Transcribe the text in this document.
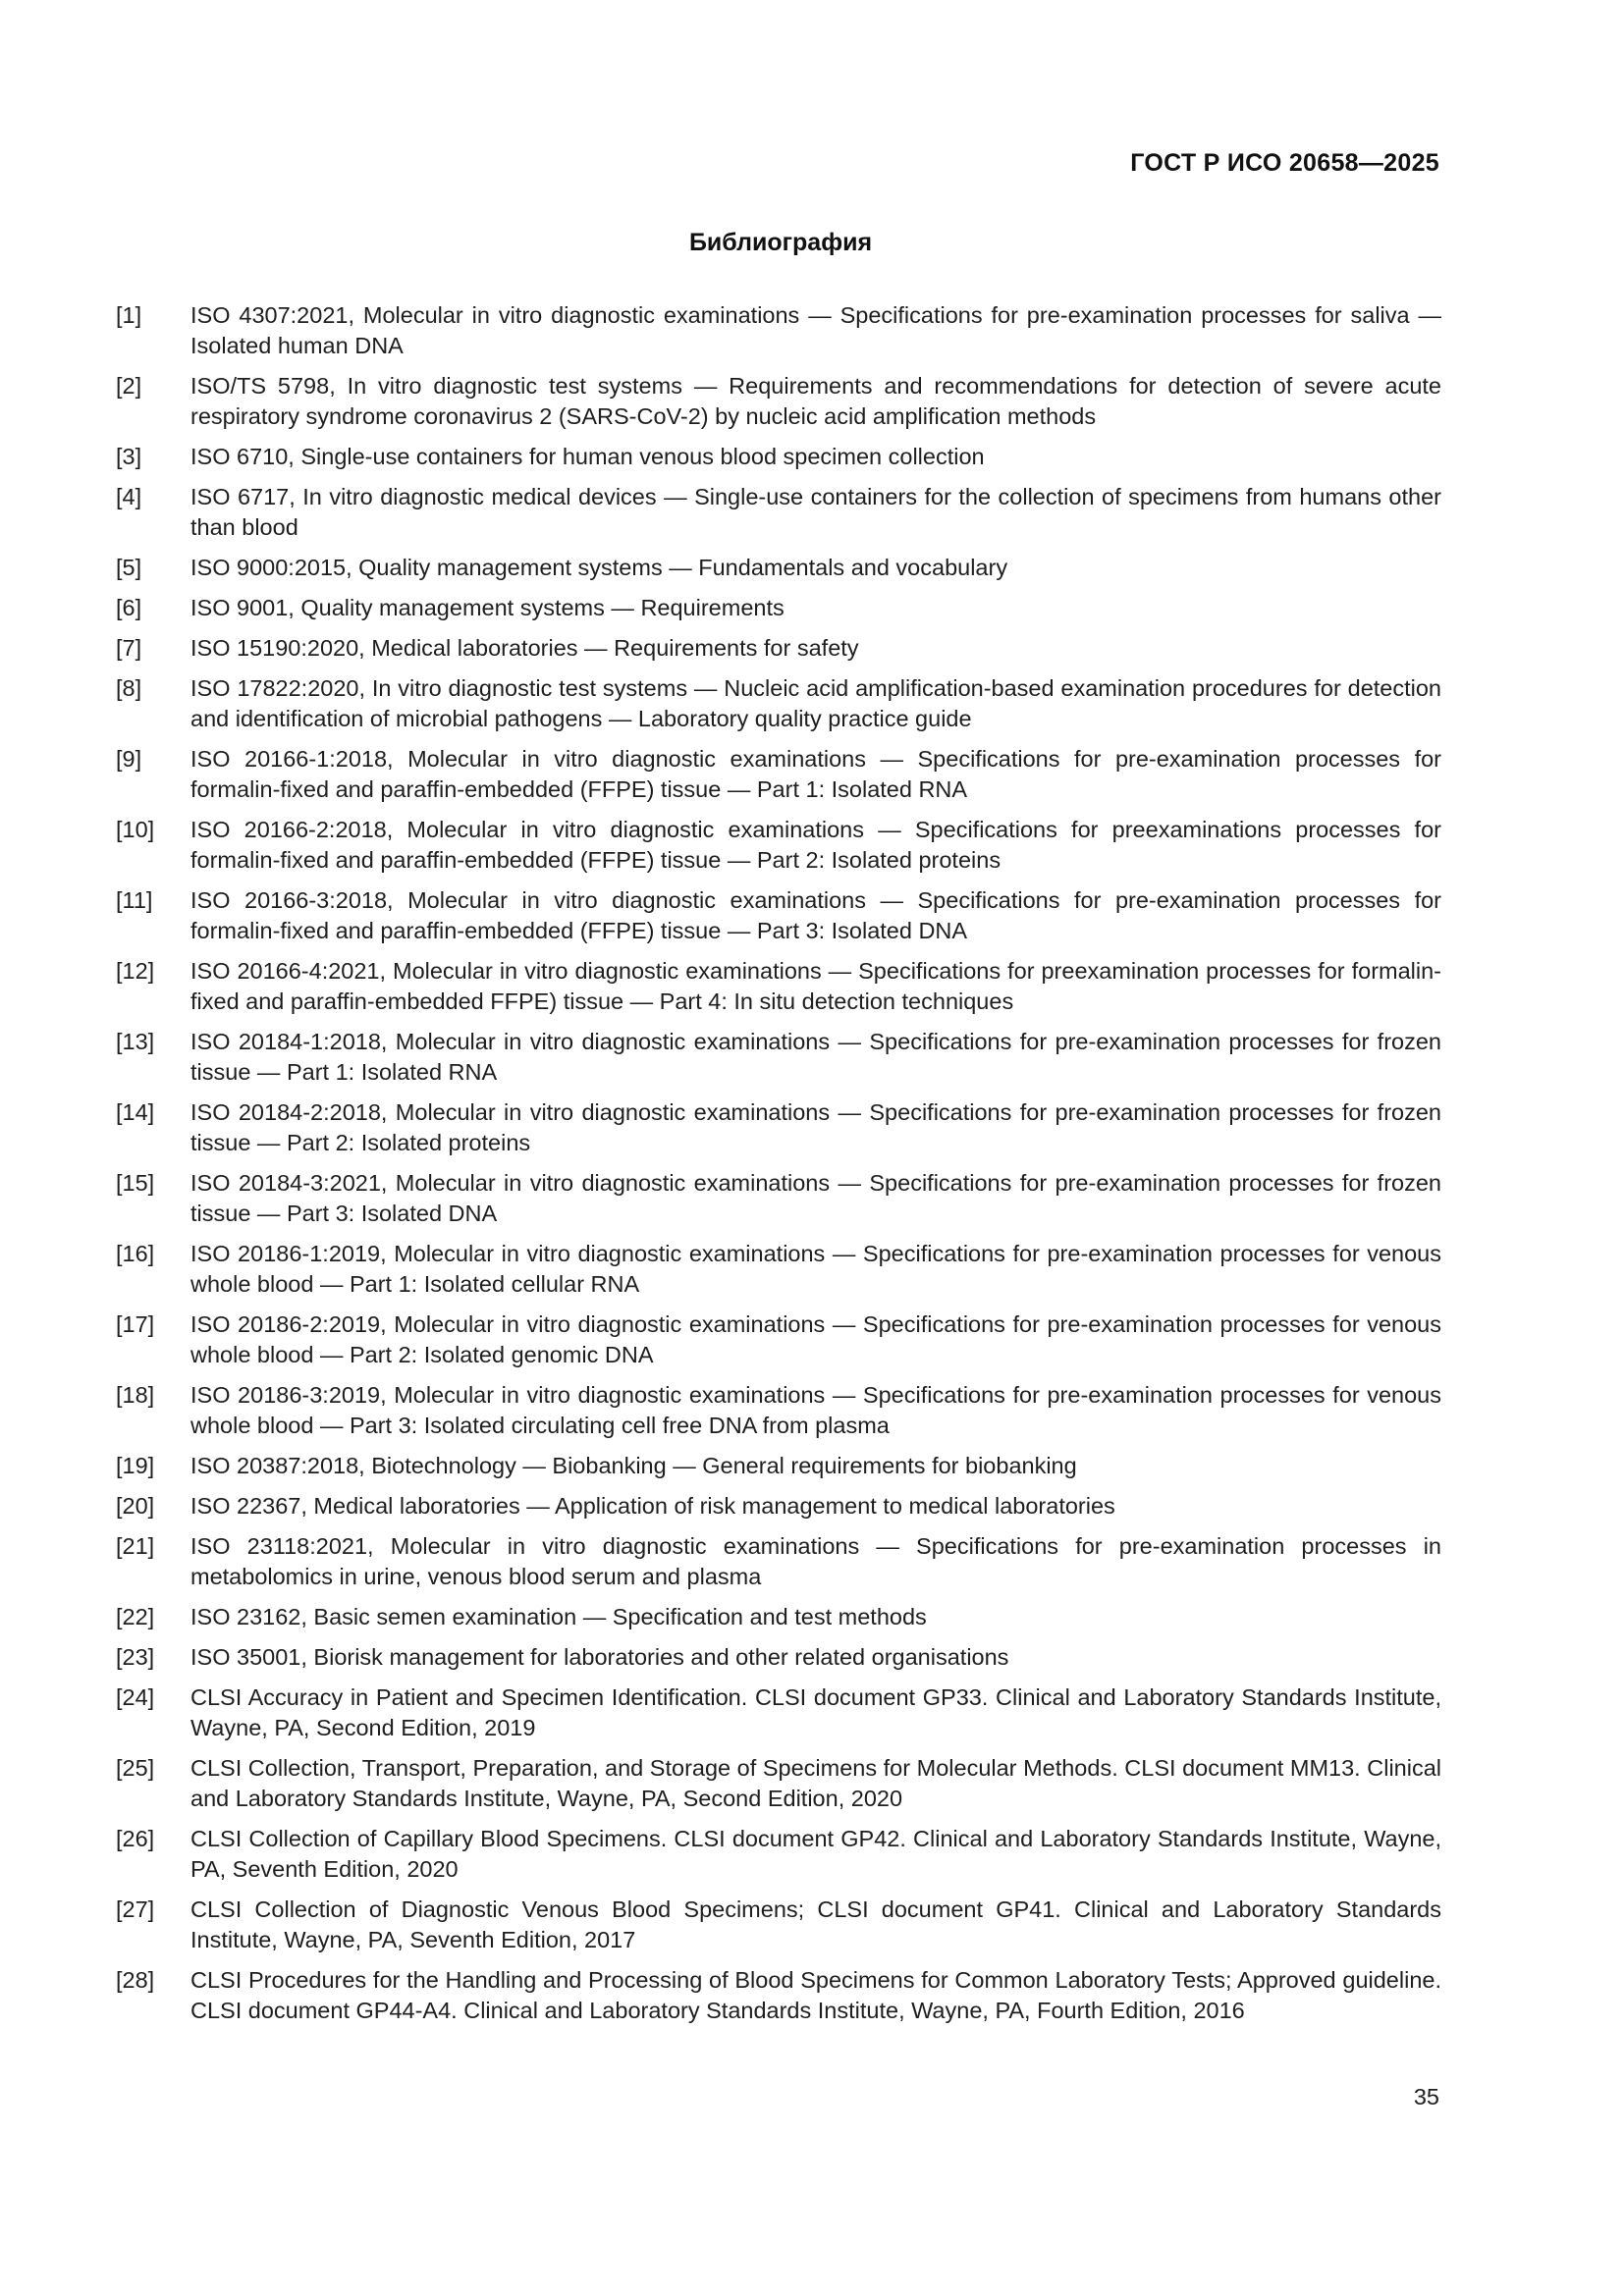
ГОСТ Р ИСО 20658—2025
Библиография
[1]	ISO 4307:2021, Molecular in vitro diagnostic examinations — Specifications for pre-examination processes for saliva — Isolated human DNA
[2]	ISO/TS 5798, In vitro diagnostic test systems — Requirements and recommendations for detection of severe acute respiratory syndrome coronavirus 2 (SARS-CoV-2) by nucleic acid amplification methods
[3]	ISO 6710, Single-use containers for human venous blood specimen collection
[4]	ISO 6717, In vitro diagnostic medical devices — Single-use containers for the collection of specimens from humans other than blood
[5]	ISO 9000:2015, Quality management systems — Fundamentals and vocabulary
[6]	ISO 9001, Quality management systems — Requirements
[7]	ISO 15190:2020, Medical laboratories — Requirements for safety
[8]	ISO 17822:2020, In vitro diagnostic test systems — Nucleic acid amplification-based examination procedures for detection and identification of microbial pathogens — Laboratory quality practice guide
[9]	ISO 20166-1:2018, Molecular in vitro diagnostic examinations — Specifications for pre-examination processes for formalin-fixed and paraffin-embedded (FFPE) tissue — Part 1: Isolated RNA
[10]	ISO 20166-2:2018, Molecular in vitro diagnostic examinations — Specifications for preexaminations processes for formalin-fixed and paraffin-embedded (FFPE) tissue — Part 2: Isolated proteins
[11]	ISO 20166-3:2018, Molecular in vitro diagnostic examinations — Specifications for pre-examination processes for formalin-fixed and paraffin-embedded (FFPE) tissue — Part 3: Isolated DNA
[12]	ISO 20166-4:2021, Molecular in vitro diagnostic examinations — Specifications for preexamination processes for formalin-fixed and paraffin-embedded FFPE) tissue — Part 4: In situ detection techniques
[13]	ISO 20184-1:2018, Molecular in vitro diagnostic examinations — Specifications for pre-examination processes for frozen tissue — Part 1: Isolated RNA
[14]	ISO 20184-2:2018, Molecular in vitro diagnostic examinations — Specifications for pre-examination processes for frozen tissue — Part 2: Isolated proteins
[15]	ISO 20184-3:2021, Molecular in vitro diagnostic examinations — Specifications for pre-examination processes for frozen tissue — Part 3: Isolated DNA
[16]	ISO 20186-1:2019, Molecular in vitro diagnostic examinations — Specifications for pre-examination processes for venous whole blood — Part 1: Isolated cellular RNA
[17]	ISO 20186-2:2019, Molecular in vitro diagnostic examinations — Specifications for pre-examination processes for venous whole blood — Part 2: Isolated genomic DNA
[18]	ISO 20186-3:2019, Molecular in vitro diagnostic examinations — Specifications for pre-examination processes for venous whole blood — Part 3: Isolated circulating cell free DNA from plasma
[19]	ISO 20387:2018, Biotechnology — Biobanking — General requirements for biobanking
[20]	ISO 22367, Medical laboratories — Application of risk management to medical laboratories
[21]	ISO 23118:2021, Molecular in vitro diagnostic examinations — Specifications for pre-examination processes in metabolomics in urine, venous blood serum and plasma
[22]	ISO 23162, Basic semen examination — Specification and test methods
[23]	ISO 35001, Biorisk management for laboratories and other related organisations
[24]	CLSI Accuracy in Patient and Specimen Identification. CLSI document GP33. Clinical and Laboratory Standards Institute, Wayne, PA, Second Edition, 2019
[25]	CLSI Collection, Transport, Preparation, and Storage of Specimens for Molecular Methods. CLSI document MM13. Clinical and Laboratory Standards Institute, Wayne, PA, Second Edition, 2020
[26]	CLSI Collection of Capillary Blood Specimens. CLSI document GP42. Clinical and Laboratory Standards Institute, Wayne, PA, Seventh Edition, 2020
[27]	CLSI Collection of Diagnostic Venous Blood Specimens; CLSI document GP41. Clinical and Laboratory Standards Institute, Wayne, PA, Seventh Edition, 2017
[28]	CLSI Procedures for the Handling and Processing of Blood Specimens for Common Laboratory Tests; Approved guideline. CLSI document GP44-A4. Clinical and Laboratory Standards Institute, Wayne, PA, Fourth Edition, 2016
35
